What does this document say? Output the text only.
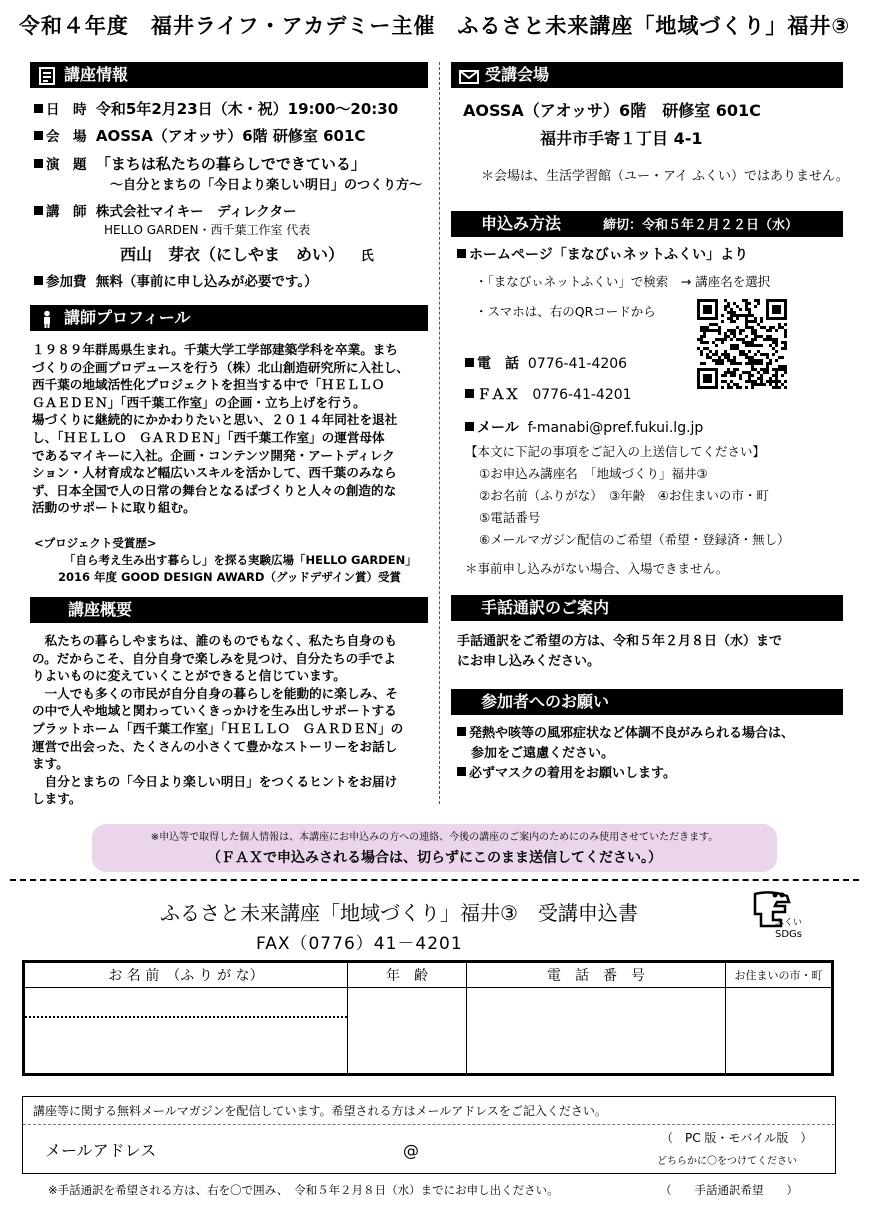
令和４年度　福井ライフ・アカデミー主催　ふるさと未来講座「地域づくり」福井③
講座情報
日　時 令和5年2月23日（木・祝）19:00～20:30
会　場 AOSSA（アオッサ）6階 研修室 601C
演　題 「まちは私たちの暮らしでできている」
～自分とまちの「今日より楽しい明日」のつくり方～
講　師 株式会社マイキー　ディレクター
HELLO GARDEN・西千葉工作室 代表
西山　芽衣（にしやま　めい） 氏
参加費 無料（事前に申し込みが必要です。）
講師プロフィール
１９８９年群馬県生まれ。千葉大学工学部建築学科を卒業。まち
づくりの企画プロデュースを行う（株）北山創造研究所に入社し、
西千葉の地域活性化プロジェクトを担当する中で「ＨＥＬＬＯ
ＧＡＥＤＥＮ」「西千葉工作室」の企画・立ち上げを行う。
場づくりに継続的にかかわりたいと思い、２０１４年同社を退社
し、「ＨＥＬＬＯ　ＧＡＲＤＥＮ」「西千葉工作室」の運営母体
であるマイキーに入社。企画・コンテンツ開発・アートディレク
ション・人材育成など幅広いスキルを活かして、西千葉のみなら
ず、日本全国で人の日常の舞台となるばづくりと人々の創造的な
活動のサポートに取り組む。
<プロジェクト受賞歴>
「自ら考え生み出す暮らし」を探る実験広場「HELLO GARDEN」
2016 年度 GOOD DESIGN AWARD（グッドデザイン賞）受賞
講座概要
　私たちの暮らしやまちは、誰のものでもなく、私たち自身のも
の。だからこそ、自分自身で楽しみを見つけ、自分たちの手でよ
りよいものに変えていくことができると信じています。
　一人でも多くの市民が自分自身の暮らしを能動的に楽しみ、そ
の中で人や地域と関わっていくきっかけを生み出しサポートする
プラットホーム「西千葉工作室」「ＨＥＬＬＯ　ＧＡＲＤＥＮ」の
運営で出会った、たくさんの小さくて豊かなストーリーをお話し
ます。
　自分とまちの「今日より楽しい明日」をつくるヒントをお届け
します。
受講会場
AOSSA（アオッサ）6階　研修室 601C
福井市手寄１丁目 4-1
＊会場は、生活学習館（ユー・アイ ふくい）ではありません。
申込み方法	締切：令和５年２月２２日（水）
ホームページ「まなびぃネットふくい」より
・「まなびぃネットふくい」で検索　→ 講座名を選択
・スマホは、右のQRコードから
電　話 0776-41-4206
ＦＡＸ 0776-41-4201
メール f-manabi@pref.fukui.lg.jp
【本文に下記の事項をご記入の上送信してください】
①お申込み講座名　「地域づくり」福井③
②お名前（ふりがな）　③年齢　④お住まいの市・町
⑤電話番号
⑥メールマガジン配信のご希望（希望・登録済・無し）
＊事前申し込みがない場合、入場できません。
手話通訳のご案内
手話通訳をご希望の方は、令和５年２月８日（水）まで
にお申し込みください。
参加者へのお願い
発熱や咳等の風邪症状など体調不良がみられる場合は、
参加をご遠慮ください。
必ずマスクの着用をお願いします。
※申込等で取得した個人情報は、本講座にお申込みの方への連絡、今後の講座のご案内のためにのみ使用させていただきます。
（ＦＡＸで申込みされる場合は、切らずにこのまま送信してください。）
ふるさと未来講座「地域づくり」福井③　受講申込書
FAX（0776）41－4201
ふくい
SDGs
お 名 前　（ふ り が な）	年　齢	電　話　番　号	お住まいの市・町

講座等に関する無料メールマガジンを配信しています。希望される方はメールアドレスをご記入ください。
メールアドレス	@
（　PC 版・モバイル版　）
どちらかに〇をつけてください
※手話通訳を希望される方は、右を〇で囲み、　令和５年２月８日（水）までにお申し出ください。	（　　手話通訳希望　　）
